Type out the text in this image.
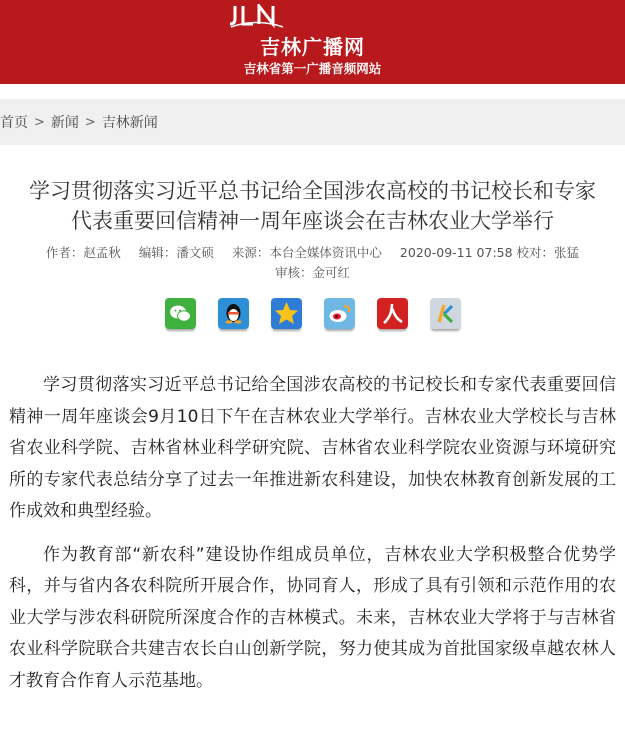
吉林广播网
吉林省第一广播音频网站
首页 > 新闻 > 吉林新闻
学习贯彻落实习近平总书记给全国涉农高校的书记校长和专家代表重要回信精神一周年座谈会在吉林农业大学举行
作者：赵孟秋 编辑：潘文硕 来源：本台全媒体资讯中心 2020-09-11 07:58 校对：张猛
审核：金可红

学习贯彻落实习近平总书记给全国涉农高校的书记校长和专家代表重要回信精神一周年座谈会9月10日下午在吉林农业大学举行。吉林农业大学校长与吉林省农业科学院、吉林省林业科学研究院、吉林省农业科学院农业资源与环境研究所的专家代表总结分享了过去一年推进新农科建设，加快农林教育创新发展的工作成效和典型经验。

作为教育部“新农科”建设协作组成员单位，吉林农业大学积极整合优势学科，并与省内各农科院所开展合作，协同育人，形成了具有引领和示范作用的农业大学与涉农科研院所深度合作的吉林模式。未来，吉林农业大学将于与吉林省农业科学院联合共建吉农长白山创新学院，努力使其成为首批国家级卓越农林人才教育合作育人示范基地。
